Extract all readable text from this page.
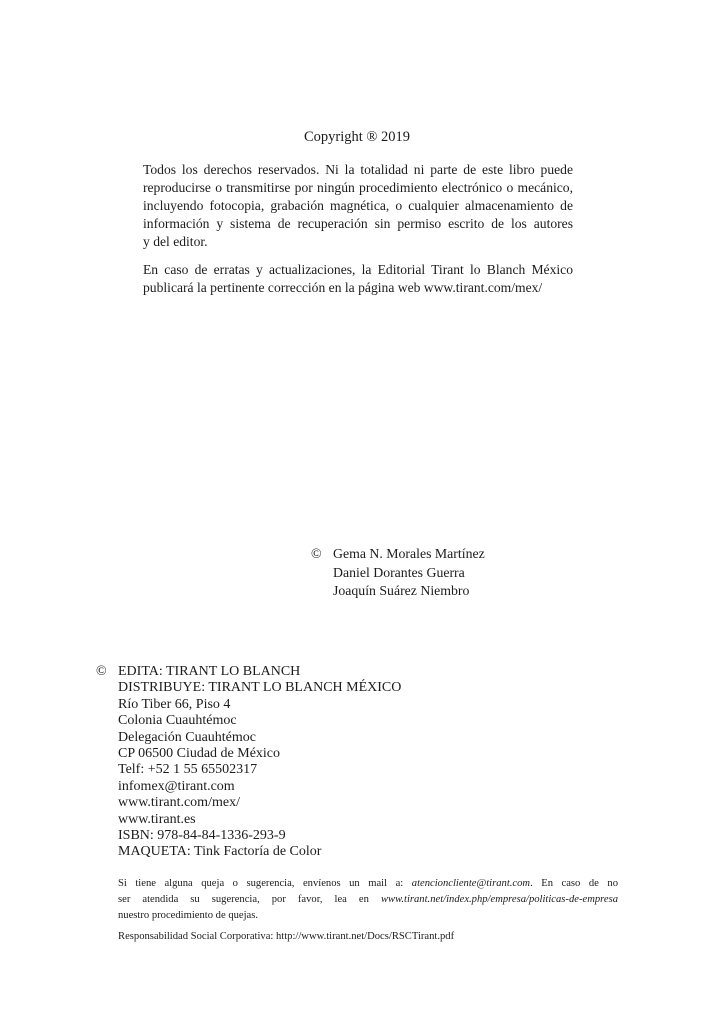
Copyright ® 2019
Todos los derechos reservados. Ni la totalidad ni parte de este libro puede
reproducirse o transmitirse por ningún procedimiento electrónico o mecánico,
incluyendo fotocopia, grabación magnética, o cualquier almacenamiento de
información y sistema de recuperación sin permiso escrito de los autores
y del editor.
En caso de erratas y actualizaciones, la Editorial Tirant lo Blanch México
publicará la pertinente corrección en la página web www.tirant.com/mex/
© Gema N. Morales Martínez
Daniel Dorantes Guerra
Joaquín Suárez Niembro
© EDITA: TIRANT LO BLANCH
DISTRIBUYE: TIRANT LO BLANCH MÉXICO
Río Tiber 66, Piso 4
Colonia Cuauhtémoc
Delegación Cuauhtémoc
CP 06500 Ciudad de México
Telf: +52 1 55 65502317
infomex@tirant.com
www.tirant.com/mex/
www.tirant.es
ISBN: 978-84-84-1336-293-9
MAQUETA: Tink Factoría de Color
Si tiene alguna queja o sugerencia, envíenos un mail a: atencioncliente@tirant.com. En caso de no
ser atendida su sugerencia, por favor, lea en www.tirant.net/index.php/empresa/politicas-de-empresa
nuestro procedimiento de quejas.
Responsabilidad Social Corporativa: http://www.tirant.net/Docs/RSCTirant.pdf
